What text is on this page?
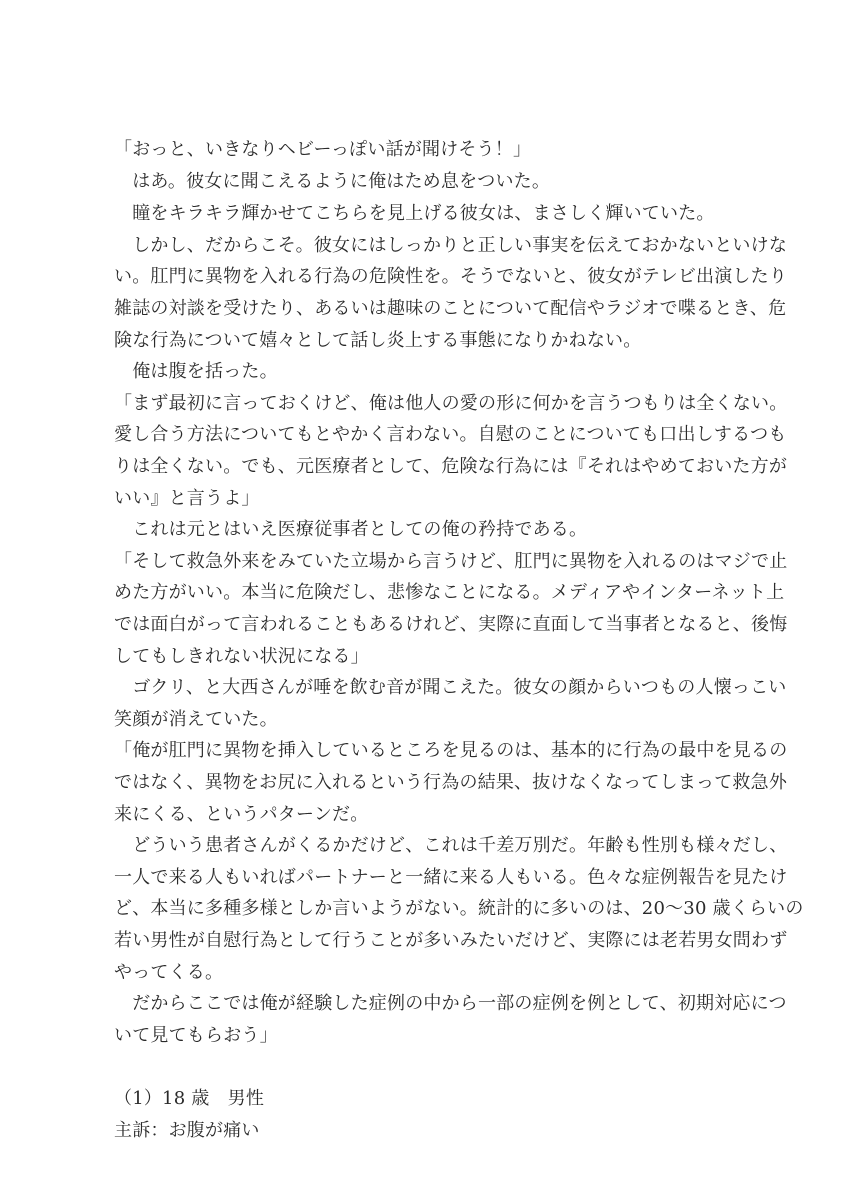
「おっと、いきなりヘビーっぽい話が聞けそう！」
　はあ。彼女に聞こえるように俺はため息をついた。
　瞳をキラキラ輝かせてこちらを見上げる彼女は、まさしく輝いていた。
　しかし、だからこそ。彼女にはしっかりと正しい事実を伝えておかないといけな
い。肛門に異物を入れる行為の危険性を。そうでないと、彼女がテレビ出演したり
雑誌の対談を受けたり、あるいは趣味のことについて配信やラジオで喋るとき、危
険な行為について嬉々として話し炎上する事態になりかねない。
　俺は腹を括った。
「まず最初に言っておくけど、俺は他人の愛の形に何かを言うつもりは全くない。
愛し合う方法についてもとやかく言わない。自慰のことについても口出しするつも
りは全くない。でも、元医療者として、危険な行為には『それはやめておいた方が
いい』と言うよ」
　これは元とはいえ医療従事者としての俺の矜持である。
「そして救急外来をみていた立場から言うけど、肛門に異物を入れるのはマジで止
めた方がいい。本当に危険だし、悲惨なことになる。メディアやインターネット上
では面白がって言われることもあるけれど、実際に直面して当事者となると、後悔
してもしきれない状況になる」
　ゴクリ、と大西さんが唾を飲む音が聞こえた。彼女の顔からいつもの人懐っこい
笑顔が消えていた。
「俺が肛門に異物を挿入しているところを見るのは、基本的に行為の最中を見るの
ではなく、異物をお尻に入れるという行為の結果、抜けなくなってしまって救急外
来にくる、というパターンだ。
　どういう患者さんがくるかだけど、これは千差万別だ。年齢も性別も様々だし、
一人で来る人もいればパートナーと一緒に来る人もいる。色々な症例報告を見たけ
ど、本当に多種多様としか言いようがない。統計的に多いのは、20〜30 歳くらいの
若い男性が自慰行為として行うことが多いみたいだけど、実際には老若男女問わず
やってくる。
　だからここでは俺が経験した症例の中から一部の症例を例として、初期対応につ
いて見てもらおう」
（1）18 歳　男性
主訴：お腹が痛い
